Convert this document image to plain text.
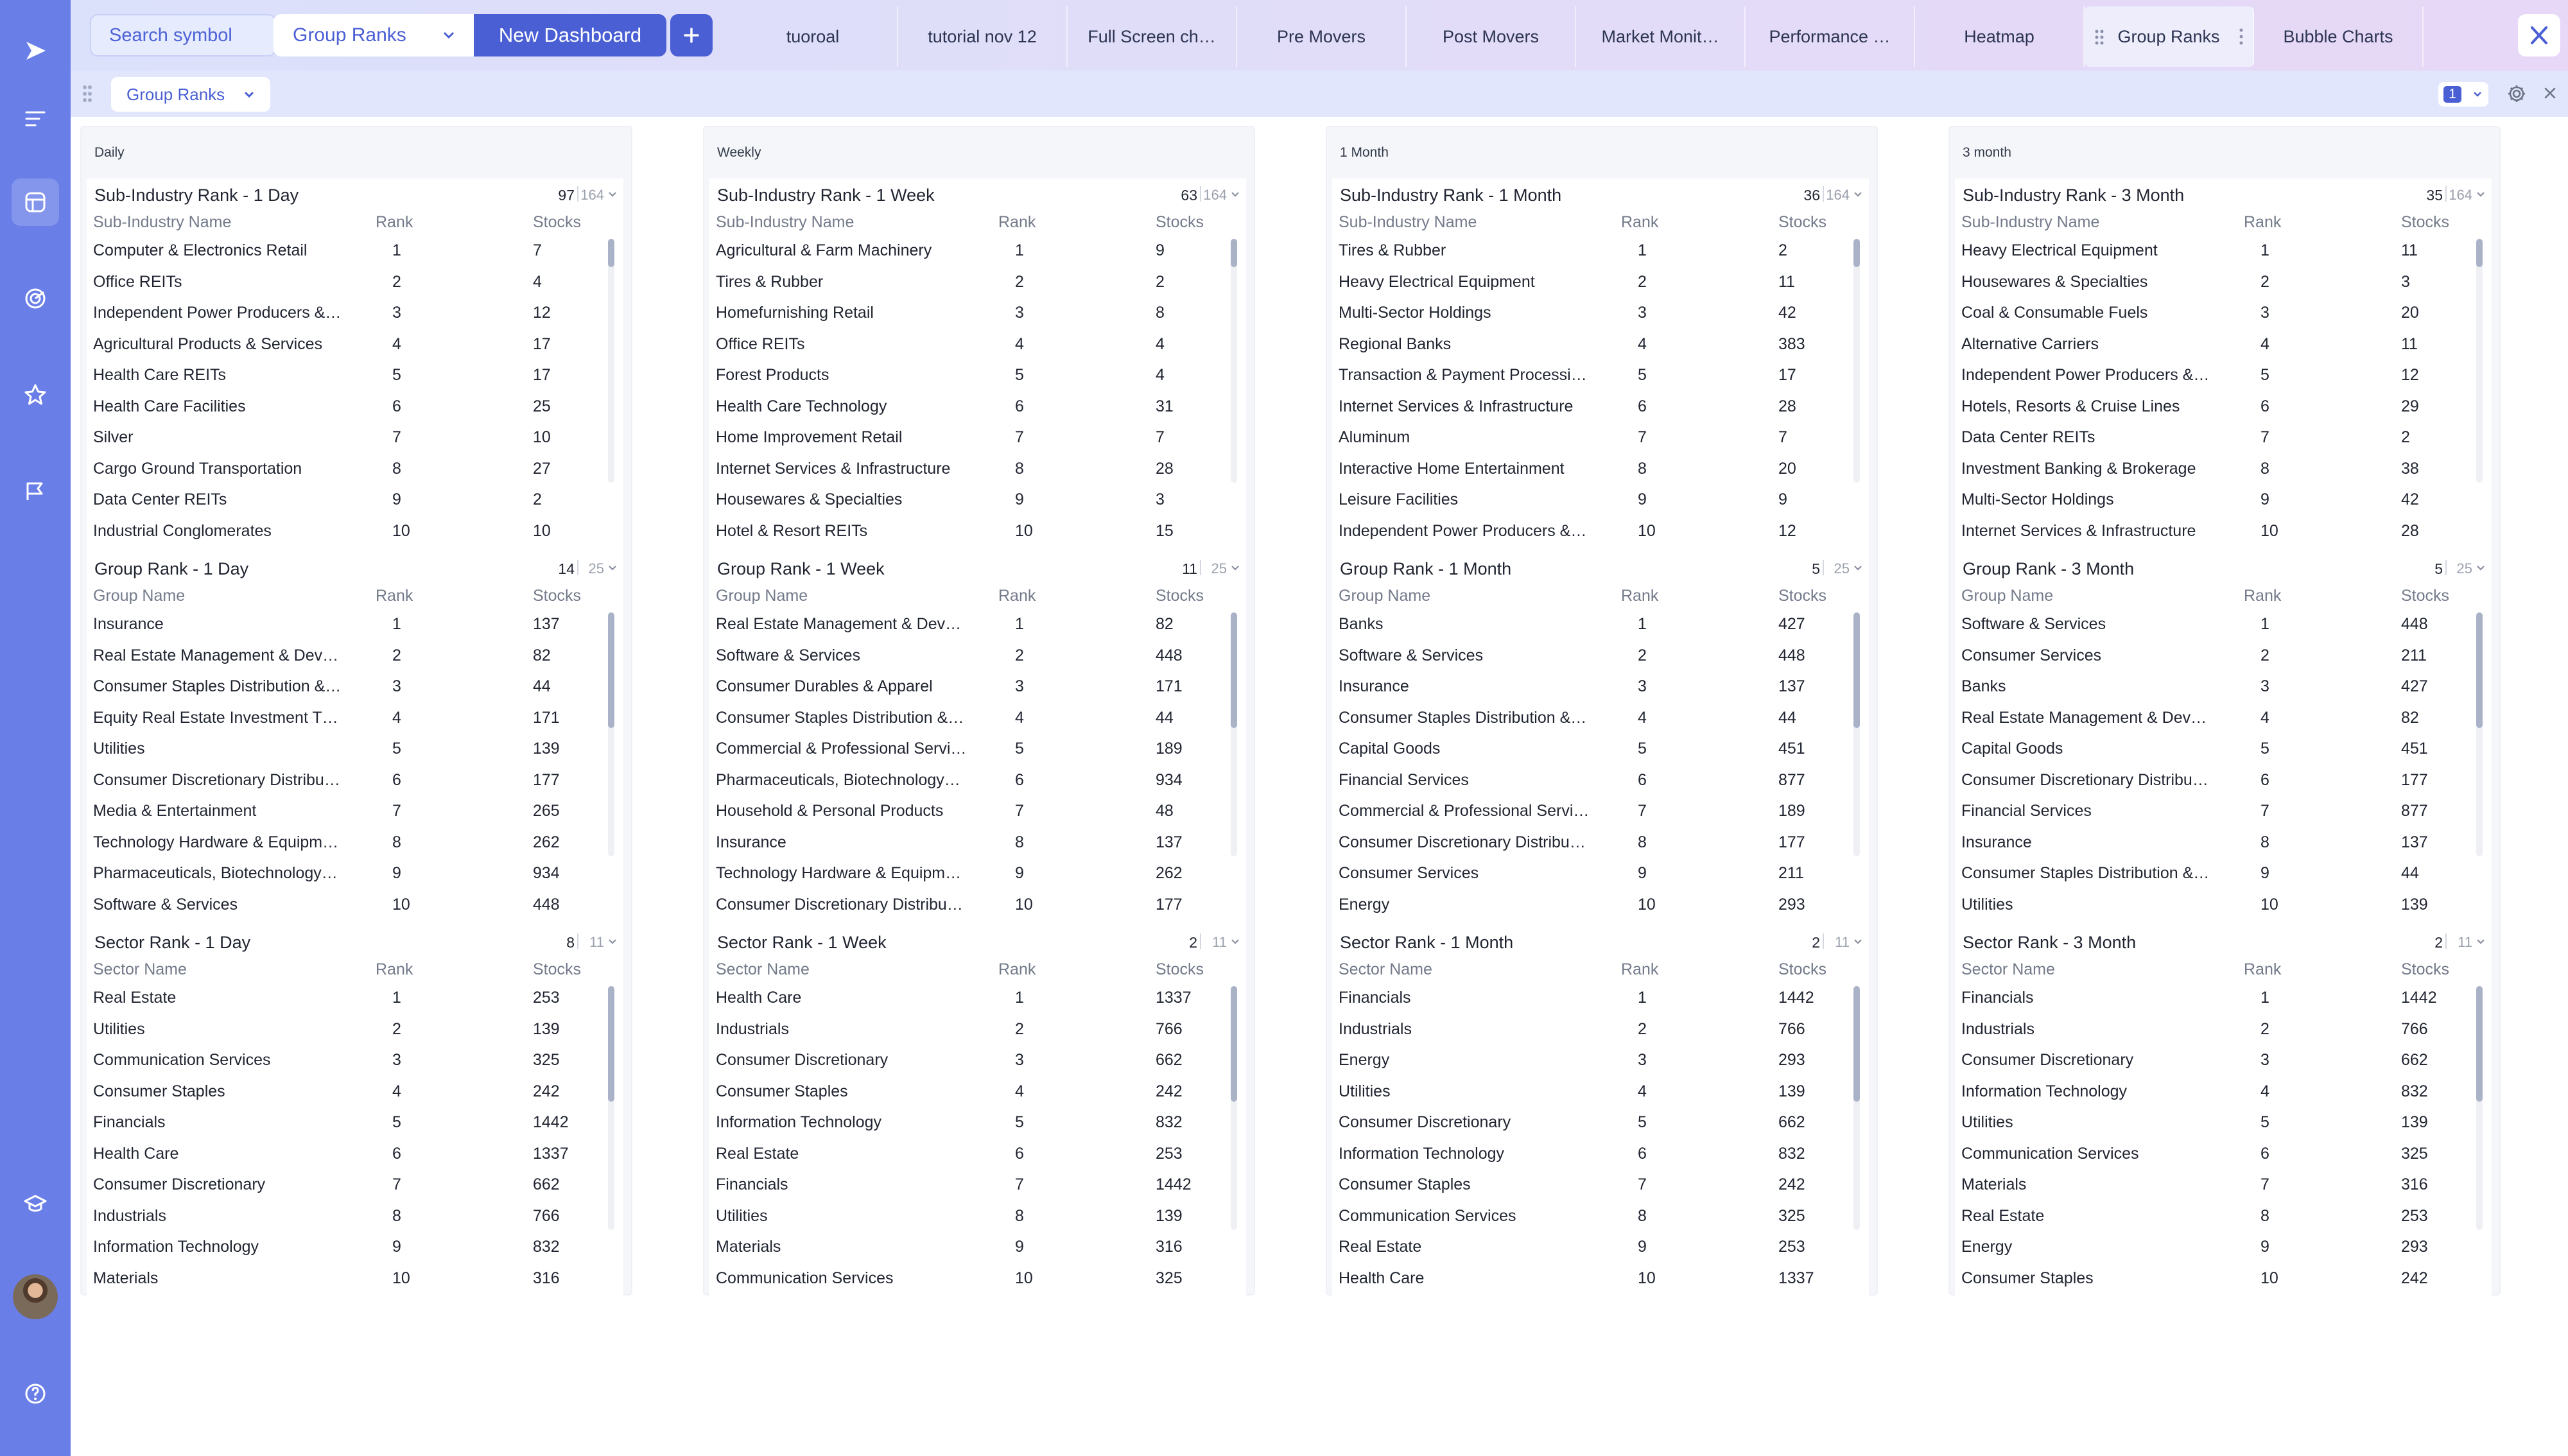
Search symbol
Group Ranks	New Dashboard	tuoroal	tutorial nov 12	Full Screen ch…	Pre Movers	Post Movers	Market Monit…	Performance …	Heatmap	Group Ranks	Bubble Charts
Group Ranks	1
Daily
Sub-Industry Rank - 1 Day	97 164
Sub-Industry Name	Rank	Stocks
Computer & Electronics Retail	1	7
Office REITs	2	4
Independent Power Producers &…	3	12
Agricultural Products & Services	4	17
Health Care REITs	5	17
Health Care Facilities	6	25
Silver	7	10
Cargo Ground Transportation	8	27
Data Center REITs	9	2
Industrial Conglomerates	10	10
Group Rank - 1 Day	14 25
Group Name	Rank	Stocks
Insurance	1	137
Real Estate Management & Dev…	2	82
Consumer Staples Distribution &…	3	44
Equity Real Estate Investment T…	4	171
Utilities	5	139
Consumer Discretionary Distribu…	6	177
Media & Entertainment	7	265
Technology Hardware & Equipm…	8	262
Pharmaceuticals, Biotechnology…	9	934
Software & Services	10	448
Sector Rank - 1 Day	8 11
Sector Name	Rank	Stocks
Real Estate	1	253
Utilities	2	139
Communication Services	3	325
Consumer Staples	4	242
Financials	5	1442
Health Care	6	1337
Consumer Discretionary	7	662
Industrials	8	766
Information Technology	9	832
Materials	10	316
Weekly
Sub-Industry Rank - 1 Week	63 164
Sub-Industry Name	Rank	Stocks
Agricultural & Farm Machinery	1	9
Tires & Rubber	2	2
Homefurnishing Retail	3	8
Office REITs	4	4
Forest Products	5	4
Health Care Technology	6	31
Home Improvement Retail	7	7
Internet Services & Infrastructure	8	28
Housewares & Specialties	9	3
Hotel & Resort REITs	10	15
Group Rank - 1 Week	11 25
Group Name	Rank	Stocks
Real Estate Management & Dev…	1	82
Software & Services	2	448
Consumer Durables & Apparel	3	171
Consumer Staples Distribution &…	4	44
Commercial & Professional Servi…	5	189
Pharmaceuticals, Biotechnology…	6	934
Household & Personal Products	7	48
Insurance	8	137
Technology Hardware & Equipm…	9	262
Consumer Discretionary Distribu…	10	177
Sector Rank - 1 Week	2 11
Sector Name	Rank	Stocks
Health Care	1	1337
Industrials	2	766
Consumer Discretionary	3	662
Consumer Staples	4	242
Information Technology	5	832
Real Estate	6	253
Financials	7	1442
Utilities	8	139
Materials	9	316
Communication Services	10	325
1 Month
Sub-Industry Rank - 1 Month	36 164
Sub-Industry Name	Rank	Stocks
Tires & Rubber	1	2
Heavy Electrical Equipment	2	11
Multi-Sector Holdings	3	42
Regional Banks	4	383
Transaction & Payment Processi…	5	17
Internet Services & Infrastructure	6	28
Aluminum	7	7
Interactive Home Entertainment	8	20
Leisure Facilities	9	9
Independent Power Producers &…	10	12
Group Rank - 1 Month	5 25
Group Name	Rank	Stocks
Banks	1	427
Software & Services	2	448
Insurance	3	137
Consumer Staples Distribution &…	4	44
Capital Goods	5	451
Financial Services	6	877
Commercial & Professional Servi…	7	189
Consumer Discretionary Distribu…	8	177
Consumer Services	9	211
Energy	10	293
Sector Rank - 1 Month	2 11
Sector Name	Rank	Stocks
Financials	1	1442
Industrials	2	766
Energy	3	293
Utilities	4	139
Consumer Discretionary	5	662
Information Technology	6	832
Consumer Staples	7	242
Communication Services	8	325
Real Estate	9	253
Health Care	10	1337
3 month
Sub-Industry Rank - 3 Month	35 164
Sub-Industry Name	Rank	Stocks
Heavy Electrical Equipment	1	11
Housewares & Specialties	2	3
Coal & Consumable Fuels	3	20
Alternative Carriers	4	11
Independent Power Producers &…	5	12
Hotels, Resorts & Cruise Lines	6	29
Data Center REITs	7	2
Investment Banking & Brokerage	8	38
Multi-Sector Holdings	9	42
Internet Services & Infrastructure	10	28
Group Rank - 3 Month	5 25
Group Name	Rank	Stocks
Software & Services	1	448
Consumer Services	2	211
Banks	3	427
Real Estate Management & Dev…	4	82
Capital Goods	5	451
Consumer Discretionary Distribu…	6	177
Financial Services	7	877
Insurance	8	137
Consumer Staples Distribution &…	9	44
Utilities	10	139
Sector Rank - 3 Month	2 11
Sector Name	Rank	Stocks
Financials	1	1442
Industrials	2	766
Consumer Discretionary	3	662
Information Technology	4	832
Utilities	5	139
Communication Services	6	325
Materials	7	316
Real Estate	8	253
Energy	9	293
Consumer Staples	10	242
